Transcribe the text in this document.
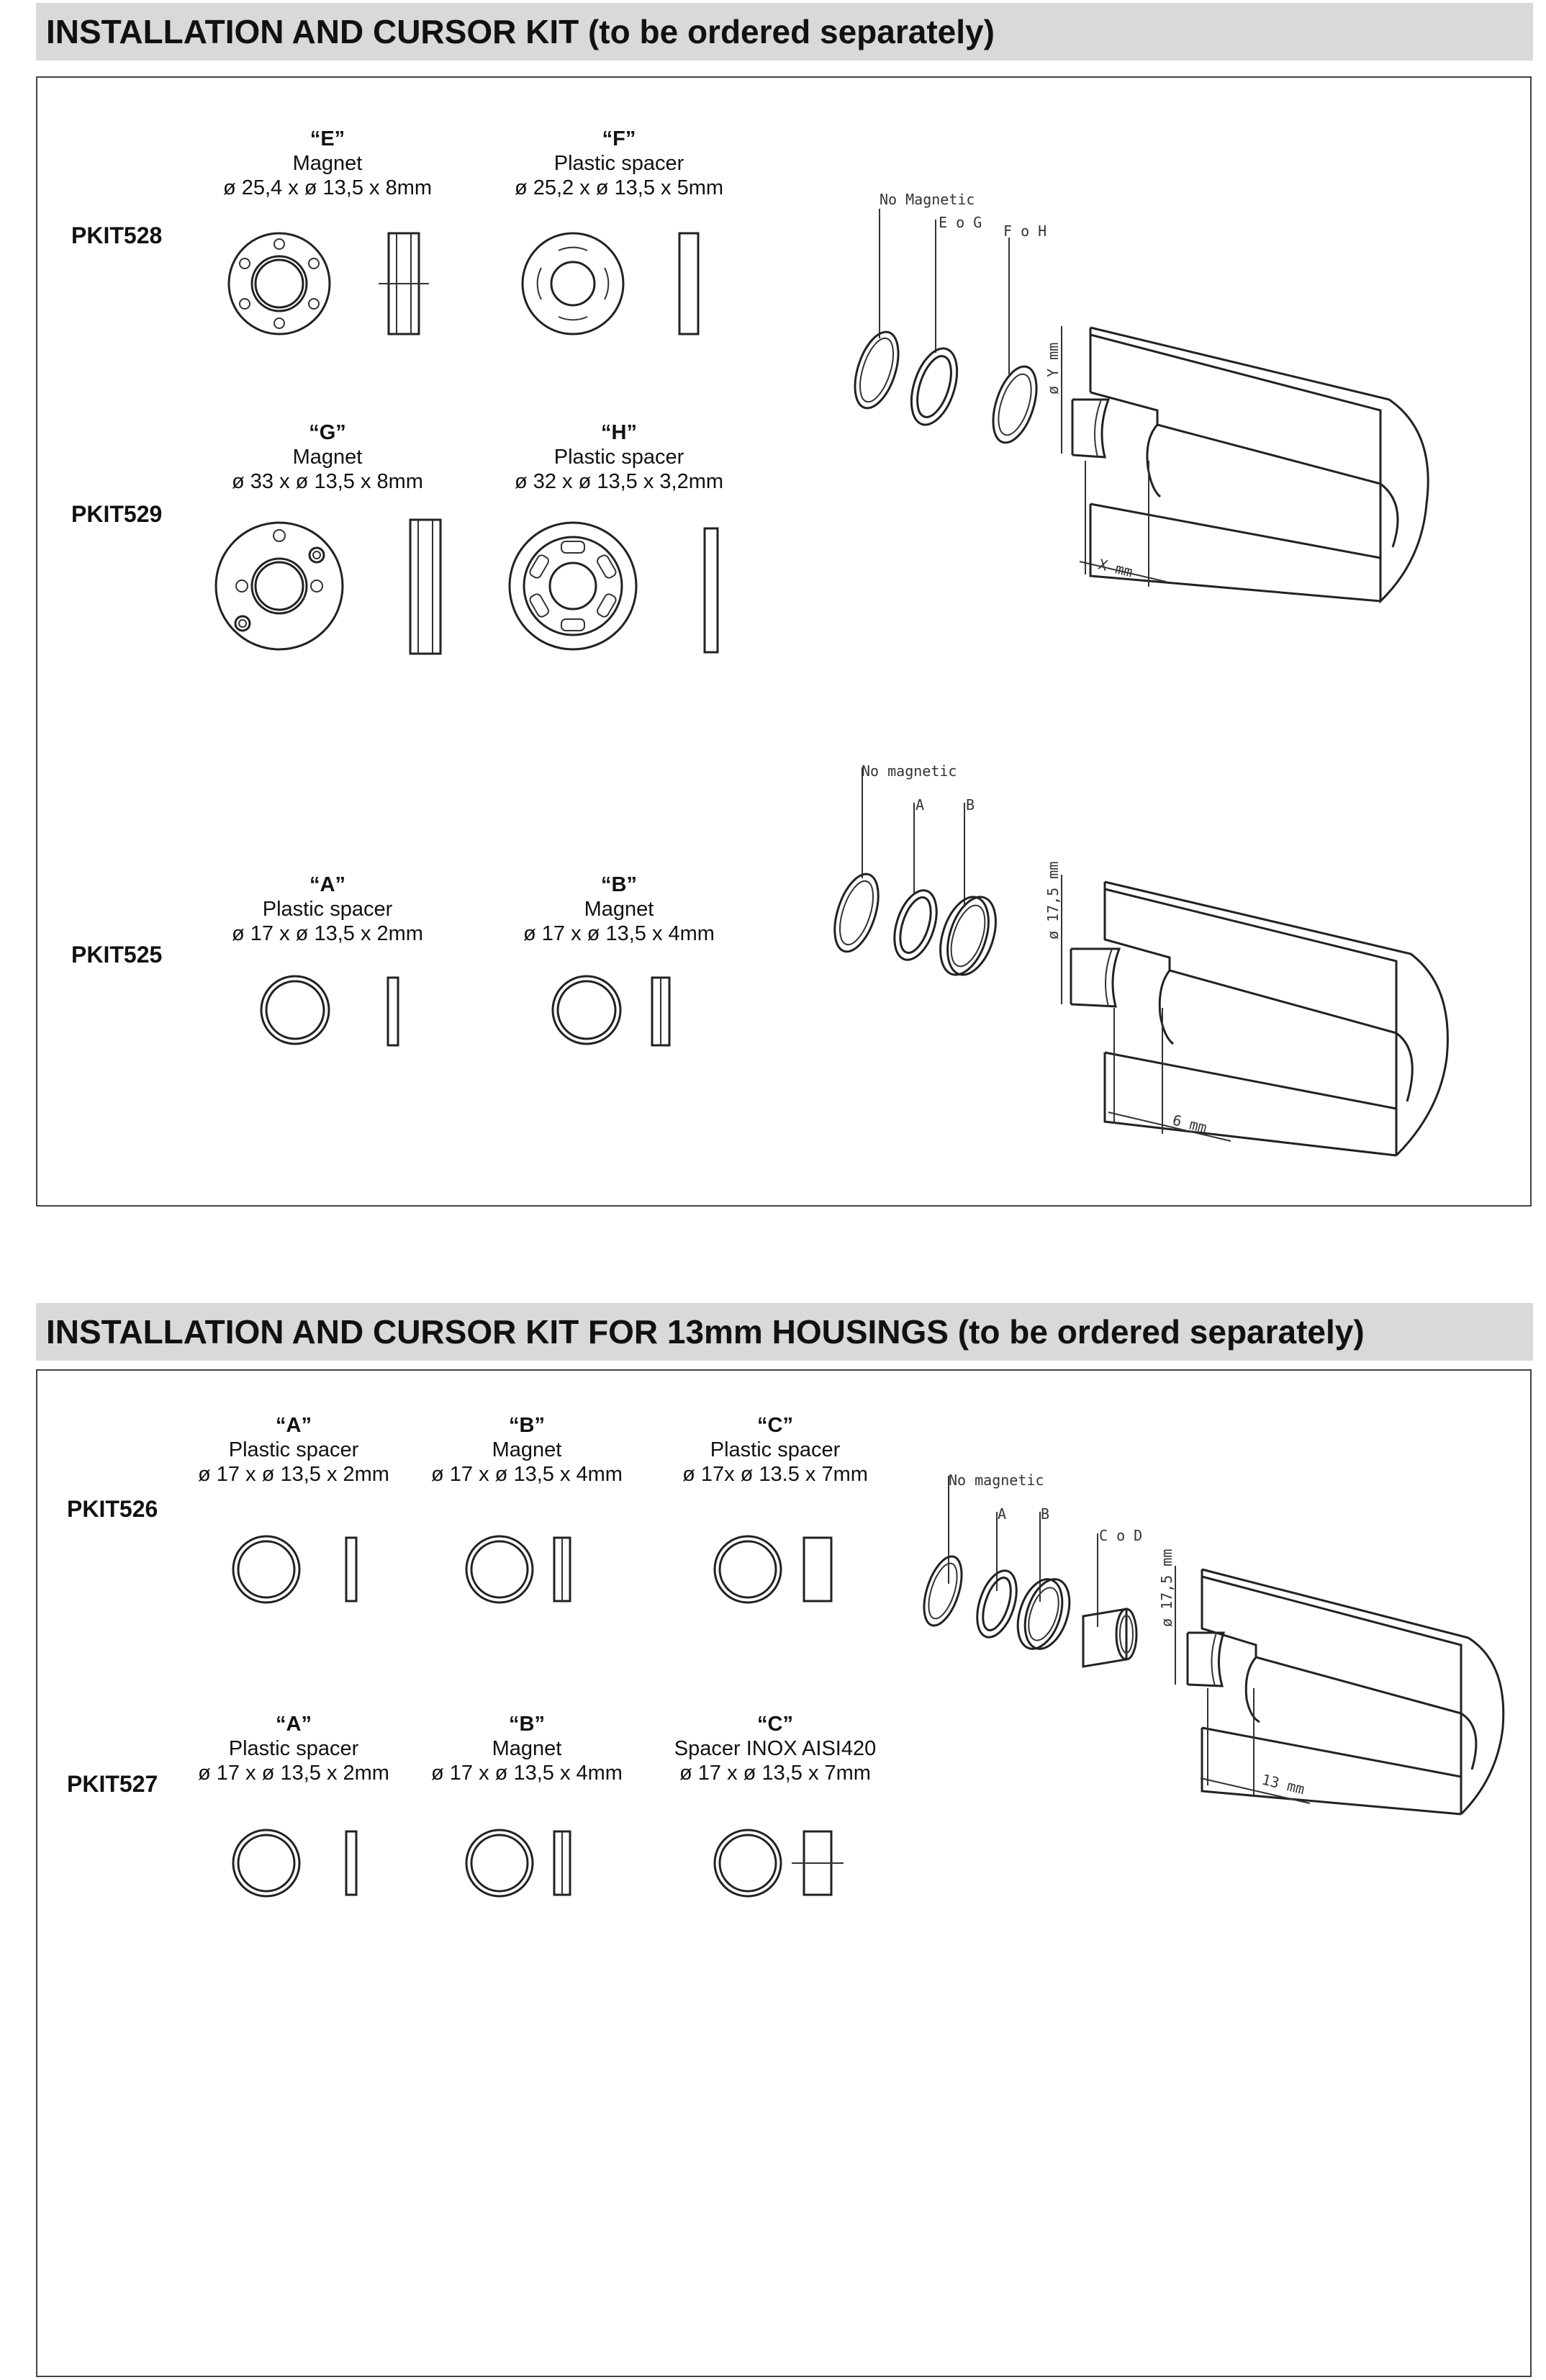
INSTALLATION AND CURSOR KIT (to be ordered separately)
PKIT528
PKIT529
PKIT525
“E”
Magnet
ø 25,4 x ø 13,5 x 8mm
“F”
Plastic spacer
ø 25,2 x ø 13,5 x 5mm
“G”
Magnet
ø 33 x ø 13,5 x 8mm
“H”
Plastic spacer
ø 32 x ø 13,5 x 3,2mm
“A”
Plastic spacer
ø 17 x ø 13,5 x 2mm
“B”
Magnet
ø 17 x ø 13,5 x 4mm
INSTALLATION AND CURSOR KIT FOR 13mm HOUSINGS (to be ordered separately)
PKIT526
PKIT527
“A”
Plastic spacer
ø 17 x ø 13,5 x 2mm
“B”
Magnet
ø 17 x ø 13,5 x 4mm
“C”
Plastic spacer
ø 17x ø 13.5 x 7mm
“A”
Plastic spacer
ø 17 x ø 13,5 x 2mm
“B”
Magnet
ø 17 x ø 13,5 x 4mm
“C”
Spacer INOX AISI420
ø 17 x ø 13,5 x 7mm
No Magnetic
E o G F o H
ø Y mm
X mm
No magnetic
A	B
ø 17,5 mm
6 mm
No magnetic
A B
C o D
ø 17,5 mm
13 mm
